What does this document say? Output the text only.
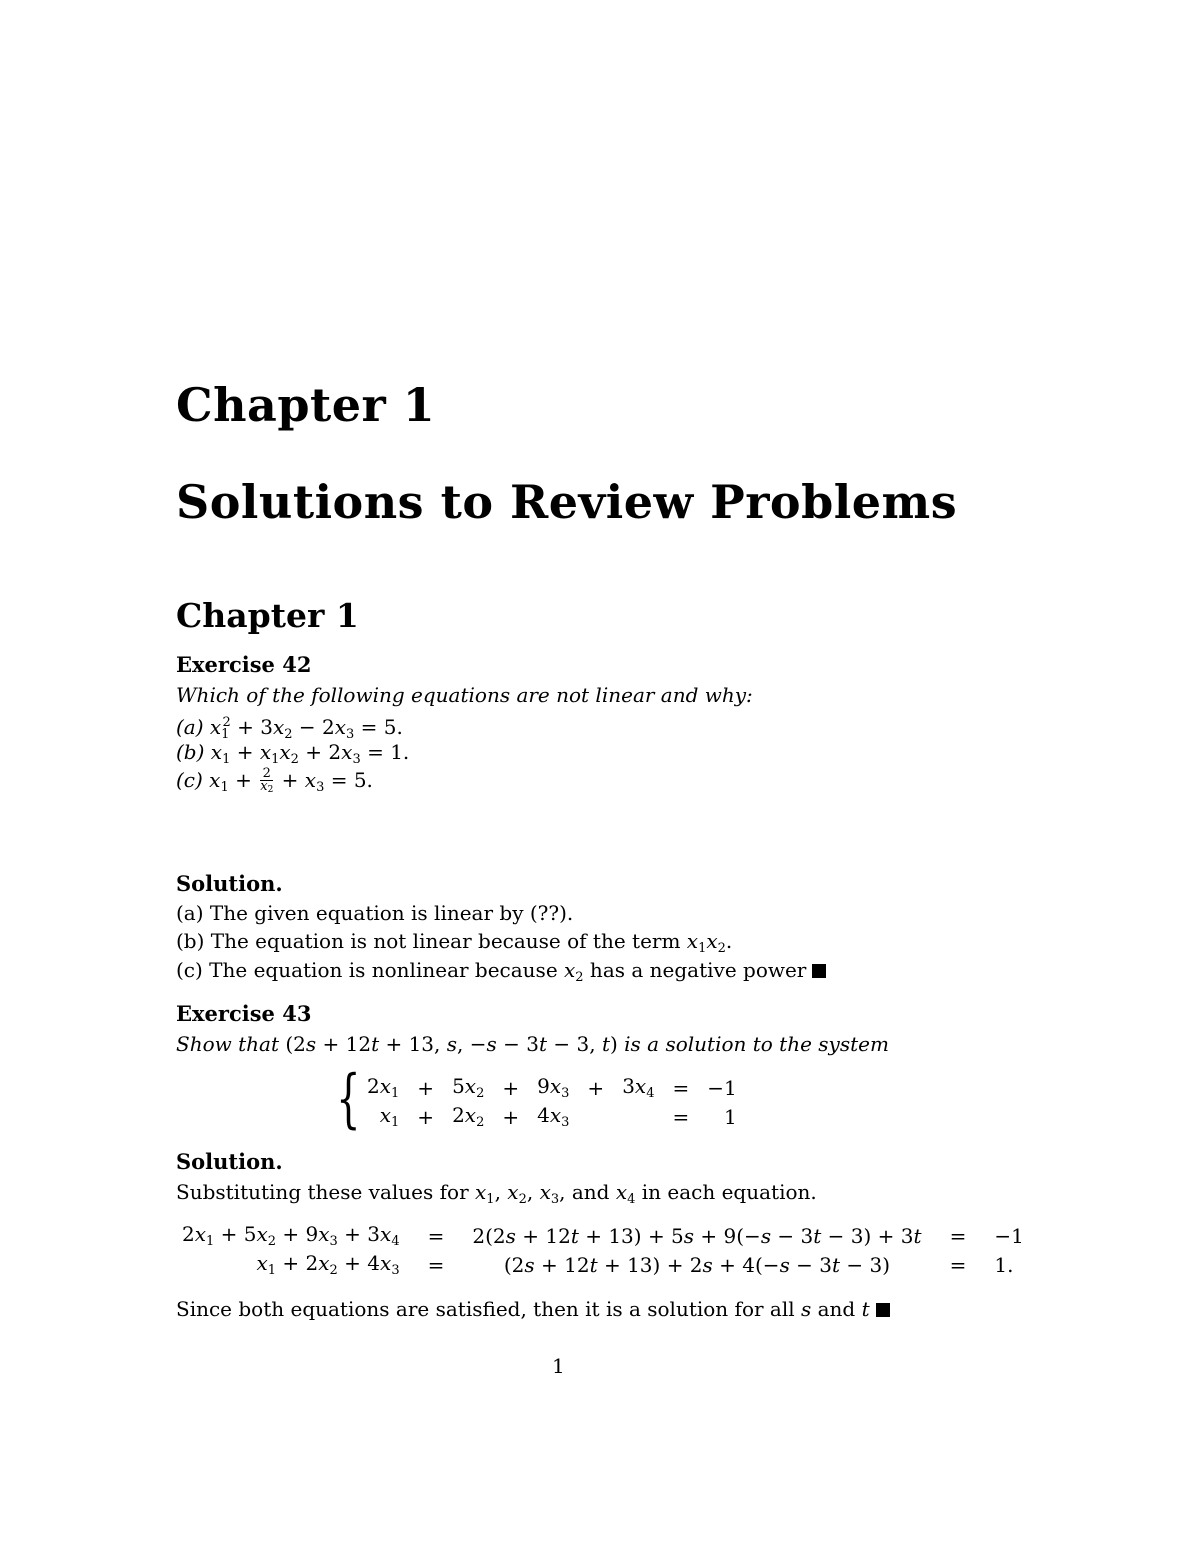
Chapter 1
Solutions to Review Problems
Chapter 1
Exercise 42
Which of the following equations are not linear and why:
(a) $x_1^2 + 3x_2 - 2x_3 = 5$.
(b) $x_1 + x_1x_2 + 2x_3 = 1$.
(c) $x_1 + \frac{2}{x_2} + x_3 = 5$.
Solution.
(a) The given equation is linear by (??).
(b) The equation is not linear because of the term $x_1x_2$.
(c) The equation is nonlinear because $x_2$ has a negative power
Exercise 43
Show that (2s + 12t + 13, s, −s − 3t − 3, t) is a solution to the system
{ $2x_1$	+	$5x_2$	+	$9x_3$	+	$3x_4$	=	−1
$x_1$	+	$2x_2$	+	$4x_3$			=	1
Solution.
Substituting these values for $x_1$, $x_2$, $x_3$, and $x_4$ in each equation.
$2x_1 + 5x_2 + 9x_3 + 3x_4$	=	2(2s + 12t + 13) + 5s + 9(−s − 3t − 3) + 3t	=	−1
$x_1 + 2x_2 + 4x_3$	=	(2s + 12t + 13) + 2s + 4(−s − 3t − 3)	=	1.
Since both equations are satisfied, then it is a solution for all s and t
1
